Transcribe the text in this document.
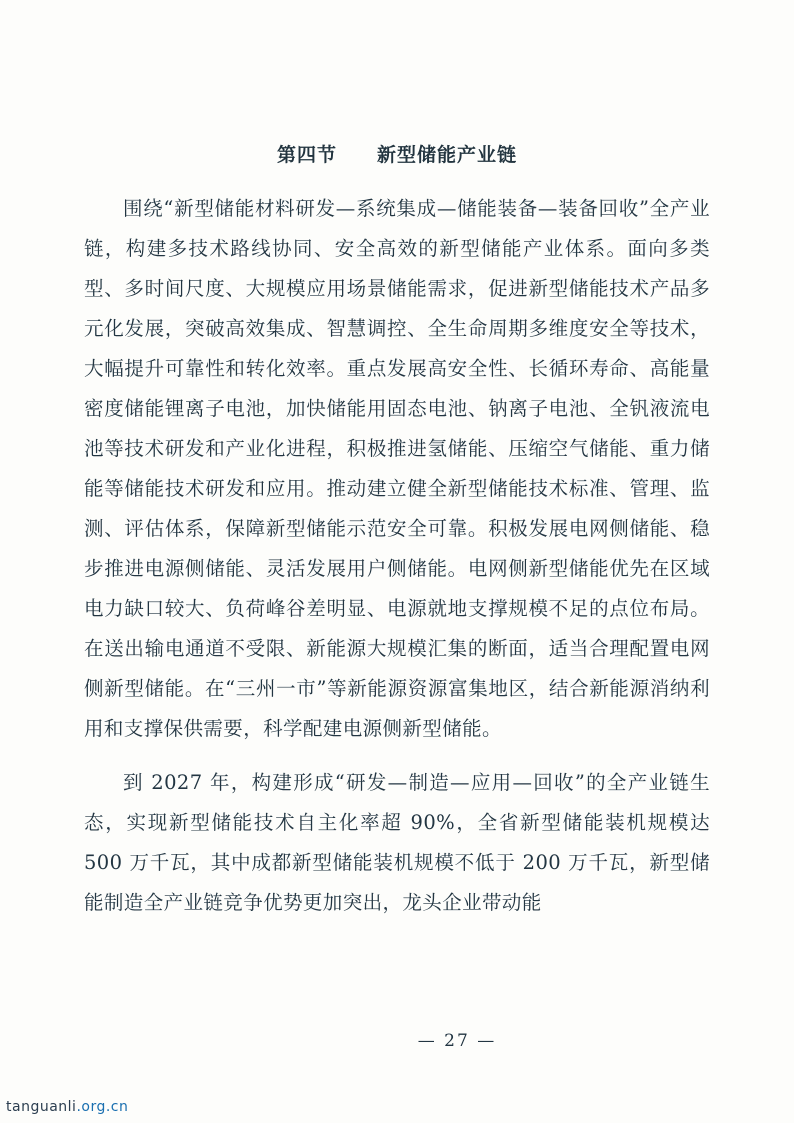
第四节　　新型储能产业链

围绕“新型储能材料研发—系统集成—储能装备—装备回收”全产业链，构建多技术路线协同、安全高效的新型储能产业体系。面向多类型、多时间尺度、大规模应用场景储能需求，促进新型储能技术产品多元化发展，突破高效集成、智慧调控、全生命周期多维度安全等技术，大幅提升可靠性和转化效率。重点发展高安全性、长循环寿命、高能量密度储能锂离子电池，加快储能用固态电池、钠离子电池、全钒液流电池等技术研发和产业化进程，积极推进氢储能、压缩空气储能、重力储能等储能技术研发和应用。推动建立健全新型储能技术标准、管理、监测、评估体系，保障新型储能示范安全可靠。积极发展电网侧储能、稳步推进电源侧储能、灵活发展用户侧储能。电网侧新型储能优先在区域电力缺口较大、负荷峰谷差明显、电源就地支撑规模不足的点位布局。在送出输电通道不受限、新能源大规模汇集的断面，适当合理配置电网侧新型储能。在“三州一市”等新能源资源富集地区，结合新能源消纳利用和支撑保供需要，科学配建电源侧新型储能。

到 2027 年，构建形成“研发—制造—应用—回收”的全产业链生态，实现新型储能技术自主化率超 90%，全省新型储能装机规模达 500 万千瓦，其中成都新型储能装机规模不低于 200 万千瓦，新型储能制造全产业链竞争优势更加突出，龙头企业带动能

— 27 —
tanguanli.org.cn
